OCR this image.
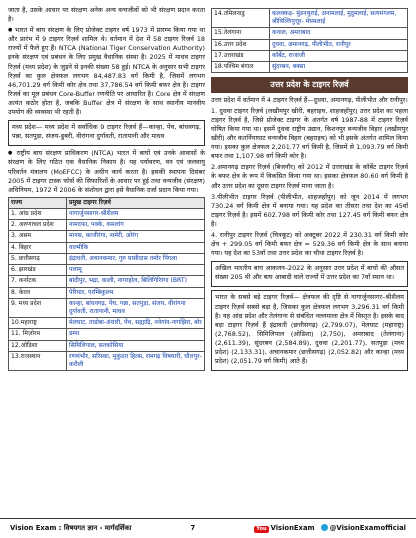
जाता है, उसके आधार पर संरक्षण अनेक अन्य वन्यजीवों को भी संरक्षण प्रदान करता है।

● भारत में बाघ संरक्षण के लिए प्रोजेक्ट टाइगर वर्ष 1973 में प्रारम्भ किया गया था और प्रारंभ में 9 टाइगर रिज़र्व शामिल थे। वर्तमान में देश में 58 टाइगर रिजर्व 18 राज्यों में फैले हुए हैं। NTCA (National Tiger Conservation Authority) इनके संरक्षण एवं प्रबंधन के लिए प्रमुख वैधानिक संस्था है। 2025 में माधव टाइगर रिज़र्व (मध्य प्रदेश) के जुड़ने से इनकी संख्या 58 हुई। NTCA के अनुसार सभी टाइगर रिज़र्व का कुल क्षेत्रफल लगभग 84,487.83 वर्ग किमी है, जिसमें लगभग 46,701.29 वर्ग किमी कोर क्षेत्र तथा 37,786.54 वर्ग किमी बफर क्षेत्र है। टाइगर रिजर्व का मूल प्रबंधन Core-Buffer रणनीति पर आधारित है। Core क्षेत्र में संरक्षण अत्यंत कठोर होता है, जबकि Buffer क्षेत्र में संरक्षण के साथ स्थानीय मानवीय उपयोग की व्यवस्था भी रहती है।

मध्य प्रदेश— मध्य प्रदेश में सर्वाधिक 9 टाइगर रिज़र्व हैं—कान्हा, पेंच, बांधवगढ़, पन्ना, सतपुड़ा, संजय-डुबरी, वीरांगना दुर्गावती, रातापानी और माधव

● राष्ट्रीय बाघ संरक्षण प्राधिकरण (NTCA) भारत में बाघों एवं उनके आवासों के संरक्षण के लिए गठित एक वैधानिक निकाय है। यह पर्यावरण, वन एवं जलवायु परिवर्तन मंत्रालय (MoEFCC) के अधीन कार्य करता है। इसकी स्थापना दिसंबर 2005 में टाइगर टास्क फोर्स की सिफारिशों के आधार पर हुई तथा वन्यजीव (संरक्षण) अधिनियम, 1972 में 2006 के संशोधन द्वारा इसे वैधानिक दर्जा प्रदान किया गया।

राज्य	प्रमुख टाइगर रिज़र्व
1. आंध्र प्रदेश	नागार्जुनसागर-श्रीशैलम
2. अरुणाचल प्रदेश	नामदफा, पक्के, कमलांग
3. असम	मानस, काजीरंगा, नामेरी, ओरंग
4. बिहार	वाल्मीकि
5. छत्तीसगढ़	इंद्रावती, अचानकमार, गुरु घासीदास तमोर पिंगला
6. झारखंड	पलामू
7. कर्नाटक	बांदीपुर, भद्रा, काली, नागरहोल, बिलिगिरिरंगा (BRT)
8. केरल	पेरियार, परम्बिकुलम
9. मध्य प्रदेश	कान्हा, बांधवगढ़, पेंच, पन्ना, सतपुड़ा, संजय, वीरांगना दुर्गावती, रातापानी, माधव
10.महाराष्ट्र	मेलघाट, ताडोबा-अंधारी, पेंच, सह्याद्रि, नवेगांव-नागझिरा, बोर
11. मिज़ोरम	डम्पा
12.ओडिशा	सिमिलिपाल, सतकोसिया
13.राजस्थान	रणथंभौर, सरिस्का, मुकुंदरा हिल्स, रामगढ़ विषधारी, धौलपुर-करौली
14.तमिलनाडु	कलक्कड़- मुंडनथुराई, अनामलाई, मुदुमलाई, सत्यमंगलम, श्रीविल्लिपुत्तूर- मेघमलाई
15.तेलंगाना	कवाल, अमराबाद
16.उत्तर प्रदेश	दुधवा, अमानगढ़, पीलीभीत, रानीपुर
17.उत्तराखंड	कॉर्बेट, राजाजी
18.पश्चिम बंगाल	सुंदरबन, बक्सा
उत्तर प्रदेश के टाइगर रिज़र्व

उत्तर प्रदेश में वर्तमान में 4 टाइगर रिज़र्व हैं—दुधवा, अमानगढ़, पीलीभीत और रानीपुर।

1. दुधवा टाइगर रिज़र्व (लखीमपुर खीरी, बहराइच, शाहजहाँपुर) उत्तर प्रदेश का पहला टाइगर रिज़र्व है, जिसे प्रोजेक्ट टाइगर के अंतर्गत वर्ष 1987-88 में टाइगर रिज़र्व घोषित किया गया था। इसमें दुधवा राष्ट्रीय उद्यान, किशनपुर वन्यजीव विहार (लखीमपुर खीरी) और कतर्नियाघाट वन्यजीव विहार (बहराइच) को भी इसके अंतर्गत शामिल किया गया। इसका कुल क्षेत्रफल 2,201.77 वर्ग किमी है, जिसमें से 1,093.79 वर्ग किमी बफर तथा 1,107.98 वर्ग किमी कोर है।

2.अमानगढ़ टाइगर रिज़र्व (बिजनौर) को 2012 में उत्तराखंड के कॉर्बेट टाइगर रिज़र्व के बफर क्षेत्र के रूप में विकसित किया गया था। इसका क्षेत्रफल 80.60 वर्ग किमी है और उत्तर प्रदेश का दूसरा टाइगर रिज़र्व माना जाता है।

3.पीलीभीत टाइगर रिज़र्व (पीलीभीत, शाहजहाँपुर) को जून 2014 में लगभग 730.24 वर्ग किमी क्षेत्र में बनाया गया। यह प्रदेश का तीसरा तथा देश का 45वाँ टाइगर रिज़र्व है। इसमें 602.798 वर्ग किमी कोर तथा 127.45 वर्ग किमी बफर क्षेत्र है।

4. रानीपुर टाइगर रिज़र्व (चित्रकूट) को अक्टूबर 2022 में 230.31 वर्ग किमी कोर क्षेत्र + 299.05 वर्ग किमी बफर क्षेत्र = 529.36 वर्ग किमी क्षेत्र के साथ बनाया गया। यह देश का 53वाँ तथा उत्तर प्रदेश का चौथा टाइगर रिज़र्व है।

अखिल भारतीय बाघ आकलन–2022 के अनुसार उत्तर प्रदेश में बाघों की औसत संख्या 205 थी और बाघ आबादी वाले राज्यों में उत्तर प्रदेश का 7वाँ स्थान था।

भारत के सबसे बड़े टाइगर रिज़र्व— क्षेत्रफल की दृष्टि से नागार्जुनसागर–श्रीशैलम टाइगर रिज़र्व सबसे बड़ा है, जिसका कुल क्षेत्रफल लगभग 3,296.31 वर्ग किमी है। यह आंध्र प्रदेश और तेलंगाना से संबंधित नल्लमाला क्षेत्र में विस्तृत है। इसके बाद बड़ा टाइगर रिज़र्व हैं इंद्रावती (छत्तीसगढ़) (2,799.07), मेलघाट (महाराष्ट्र) (2,768.52), सिमिलिपाल (ओडिशा) (2,750), अमराबाद (तेलंगाना) (2,611.39), सुंदरबन (2,584.89), दुधवा (2,201.77), सतपुड़ा (मध्य प्रदेश) (2,133.31), अचानकमार (छत्तीसगढ़) (2,052.82) और कान्हा (मध्य प्रदेश) (2,051.79 वर्ग किमी) आते हैं।

Vision Exam : विषयगत ज्ञान - मार्गदर्शिका	7	You VisionExam	@VisionExamofficial
